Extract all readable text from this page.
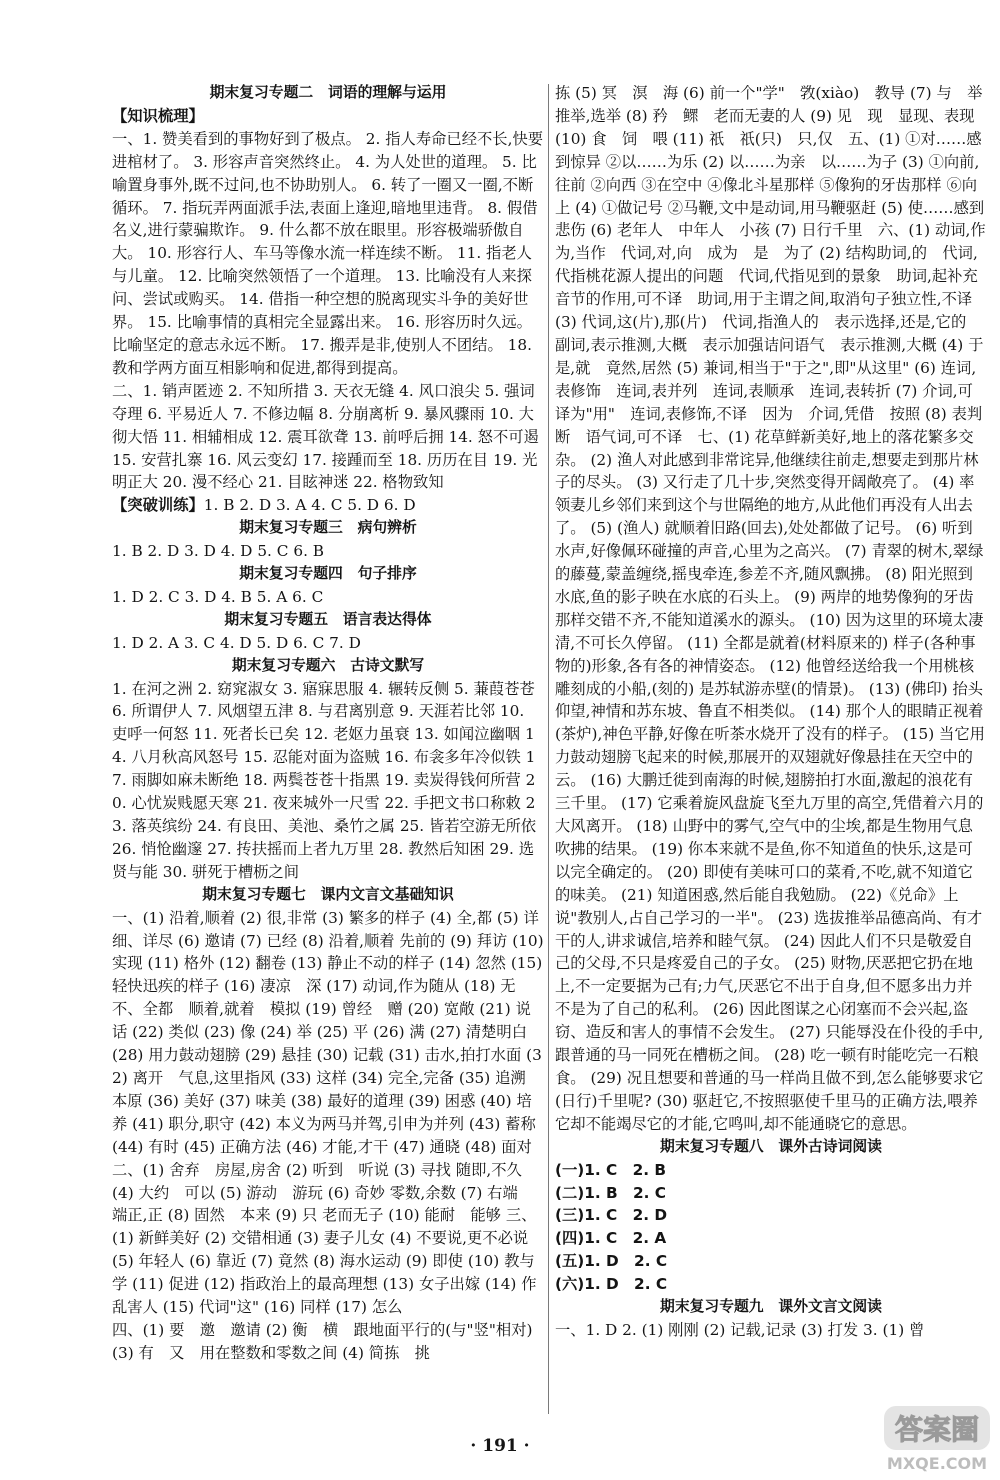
期末复习专题二　词语的理解与运用

【知识梳理】

一、1. 赞美看到的事物好到了极点。 2. 指人寿命已经不长,快要进棺材了。 3. 形容声音突然终止。 4. 为人处世的道理。 5. 比喻置身事外,既不过问,也不协助别人。 6. 转了一圈又一圈,不断循环。 7. 指玩弄两面派手法,表面上逢迎,暗地里违背。 8. 假借名义,进行蒙骗欺诈。 9. 什么都不放在眼里。形容极端骄傲自大。 10. 形容行人、车马等像水流一样连续不断。 11. 指老人与儿童。 12. 比喻突然领悟了一个道理。 13. 比喻没有人来探问、尝试或购买。 14. 借指一种空想的脱离现实斗争的美好世界。 15. 比喻事情的真相完全显露出来。 16. 形容历时久远。比喻坚定的意志永远不断。 17. 搬弄是非,使别人不团结。 18. 教和学两方面互相影响和促进,都得到提高。

二、1. 销声匿迹 2. 不知所措 3. 天衣无缝 4. 风口浪尖 5. 强词夺理 6. 平易近人 7. 不修边幅 8. 分崩离析 9. 暴风骤雨 10. 大彻大悟 11. 相辅相成 12. 震耳欲聋 13. 前呼后拥 14. 怒不可遏 15. 安营扎寨 16. 风云变幻 17. 接踵而至 18. 历历在目 19. 光明正大 20. 漫不经心 21. 目眩神迷 22. 格物致知

【突破训练】1. B 2. D 3. A 4. C 5. D 6. D

期末复习专题三　病句辨析

1. B 2. D 3. D 4. D 5. C 6. B

期末复习专题四　句子排序

1. D 2. C 3. D 4. B 5. A 6. C

期末复习专题五　语言表达得体

1. D 2. A 3. C 4. D 5. D 6. C 7. D

期末复习专题六　古诗文默写

1. 在河之洲 2. 窈窕淑女 3. 寤寐思服 4. 辗转反侧 5. 蒹葭苍苍 6. 所谓伊人 7. 风烟望五津 8. 与君离别意 9. 天涯若比邻 10. 吏呼一何怒 11. 死者长已矣 12. 老妪力虽衰 13. 如闻泣幽咽 14. 八月秋高风怒号 15. 忍能对面为盗贼 16. 布衾多年冷似铁 17. 雨脚如麻未断绝 18. 两鬓苍苍十指黑 19. 卖炭得钱何所营 20. 心忧炭贱愿天寒 21. 夜来城外一尺雪 22. 手把文书口称敕 23. 落英缤纷 24. 有良田、美池、桑竹之属 25. 皆若空游无所依 26. 悄怆幽邃 27. 抟扶摇而上者九万里 28. 教然后知困 29. 选贤与能 30. 骈死于槽枥之间

期末复习专题七　课内文言文基础知识

一、(1) 沿着,顺着 (2) 很,非常 (3) 繁多的样子 (4) 全,都 (5) 详细、详尽 (6) 邀请 (7) 已经 (8) 沿着,顺着 先前的 (9) 拜访 (10) 实现 (11) 格外 (12) 翻卷 (13) 静止不动的样子 (14) 忽然 (15) 轻快迅疾的样子 (16) 凄凉　深 (17) 动词,作为随从 (18) 无不、全都　顺着,就着　模拟 (19) 曾经　赠 (20) 宽敞 (21) 说话 (22) 类似 (23) 像 (24) 举 (25) 平 (26) 满 (27) 清楚明白 (28) 用力鼓动翅膀 (29) 悬挂 (30) 记载 (31) 击水,拍打水面 (32) 离开　气息,这里指风 (33) 这样 (34) 完全,完备 (35) 追溯　本原 (36) 美好 (37) 味美 (38) 最好的道理 (39) 困惑 (40) 培养 (41) 职分,职守 (42) 本义为两马并驾,引申为并列 (43) 蓄称 (44) 有时 (45) 正确方法 (46) 才能,才干 (47) 通晓 (48) 面对

二、(1) 舍弃　房屋,房舍 (2) 听到　听说 (3) 寻找 随即,不久 (4) 大约　可以 (5) 游动　游玩 (6) 奇妙 零数,余数 (7) 右端　端正,正 (8) 固然　本来 (9) 只 老而无子 (10) 能耐　能够 三、(1) 新鲜美好 (2) 交错相通 (3) 妻子儿女 (4) 不要说,更不必说 (5) 年轻人 (6) 靠近 (7) 竟然 (8) 海水运动 (9) 即使 (10) 教与学 (11) 促进 (12) 指政治上的最高理想 (13) 女子出嫁 (14) 作乱害人 (15) 代词"这" (16) 同样 (17) 怎么

四、(1) 要　邀　邀请 (2) 衡　横　跟地面平行的(与"竖"相对) (3) 有　又　用在整数和零数之间 (4) 简拣　挑

拣 (5) 冥　溟　海 (6) 前一个"学"　敩(xiào)　教导 (7) 与　举　推举,选举 (8) 矜　鳏　老而无妻的人 (9) 见　现　显现、表现 (10) 食　饲　喂 (11) 祇　祇(只)　只,仅　五、(1) ①对……感到惊异 ②以……为乐 (2) 以……为亲　以……为子 (3) ①向前,往前 ②向西 ③在空中 ④像北斗星那样 ⑤像狗的牙齿那样 ⑥向上 (4) ①做记号 ②马鞭,文中是动词,用马鞭驱赶 (5) 使……感到悲伤 (6) 老年人　中年人　小孩 (7) 日行千里　六、(1) 动词,作为,当作　代词,对,向　成为　是　为了 (2) 结构助词,的　代词,代指桃花源人提出的问题　代词,代指见到的景象　助词,起补充音节的作用,可不译　助词,用于主谓之间,取消句子独立性,不译 (3) 代词,这(片),那(片)　代词,指渔人的　表示选择,还是,它的　副词,表示推测,大概　表示加强诘问语气　表示推测,大概 (4) 于是,就　竟然,居然 (5) 兼词,相当于"于之",即"从这里" (6) 连词,表修饰　连词,表并列　连词,表顺承　连词,表转折 (7) 介词,可译为"用"　连词,表修饰,不译　因为　介词,凭借　按照 (8) 表判断　语气词,可不译　七、(1) 花草鲜新美好,地上的落花繁多交杂。 (2) 渔人对此感到非常诧异,他继续往前走,想要走到那片林子的尽头。 (3) 又行走了几十步,突然变得开阔敞亮了。 (4) 率领妻儿乡邻们来到这个与世隔绝的地方,从此他们再没有人出去了。 (5) (渔人) 就顺着旧路(回去),处处都做了记号。 (6) 听到水声,好像佩环碰撞的声音,心里为之高兴。 (7) 青翠的树木,翠绿的藤蔓,蒙盖缠绕,摇曳牵连,参差不齐,随风飘拂。 (8) 阳光照到水底,鱼的影子映在水底的石头上。 (9) 两岸的地势像狗的牙齿那样交错不齐,不能知道溪水的源头。 (10) 因为这里的环境太凄清,不可长久停留。 (11) 全都是就着(材料原来的) 样子(各种事物的)形象,各有各的神情姿态。 (12) 他曾经送给我一个用桃核雕刻成的小船,(刻的) 是苏轼游赤壁(的情景)。 (13) (佛印) 抬头仰望,神情和苏东坡、鲁直不相类似。 (14) 那个人的眼睛正视着(茶炉),神色平静,好像在听茶水烧开了没有的样子。 (15) 当它用力鼓动翅膀飞起来的时候,那展开的双翅就好像悬挂在天空中的云。 (16) 大鹏迁徙到南海的时候,翅膀拍打水面,激起的浪花有三千里。 (17) 它乘着旋风盘旋飞至九万里的高空,凭借着六月的大风离开。 (18) 山野中的雾气,空气中的尘埃,都是生物用气息吹拂的结果。 (19) 你本来就不是鱼,你不知道鱼的快乐,这是可以完全确定的。 (20) 即使有美味可口的菜肴,不吃,就不知道它的味美。 (21) 知道困惑,然后能自我勉励。 (22)《兑命》上说"教别人,占自己学习的一半"。 (23) 选拔推举品德高尚、有才干的人,讲求诚信,培养和睦气氛。 (24) 因此人们不只是敬爱自己的父母,不只是疼爱自己的子女。 (25) 财物,厌恶把它扔在地上,不一定要据为己有;力气,厌恶它不出于自身,但不愿多出力并不是为了自己的私利。 (26) 因此图谋之心闭塞而不会兴起,盗窃、造反和害人的事情不会发生。 (27) 只能辱没在仆役的手中,跟普通的马一同死在槽枥之间。 (28) 吃一顿有时能吃完一石粮食。 (29) 况且想要和普通的马一样尚且做不到,怎么能够要求它(日行)千里呢? (30) 驱赶它,不按照驱使千里马的正确方法,喂养它却不能竭尽它的才能,它鸣叫,却不能通晓它的意思。

期末复习专题八　课外古诗词阅读

(一)1. C　2. B
(二)1. B　2. C
(三)1. C　2. D
(四)1. C　2. A
(五)1. D　2. C
(六)1. D　2. C

期末复习专题九　课外文言文阅读

一、1. D 2. (1) 刚刚 (2) 记载,记录 (3) 打发 3. (1) 曾

· 191 ·	答案圈
MXQE.COM
